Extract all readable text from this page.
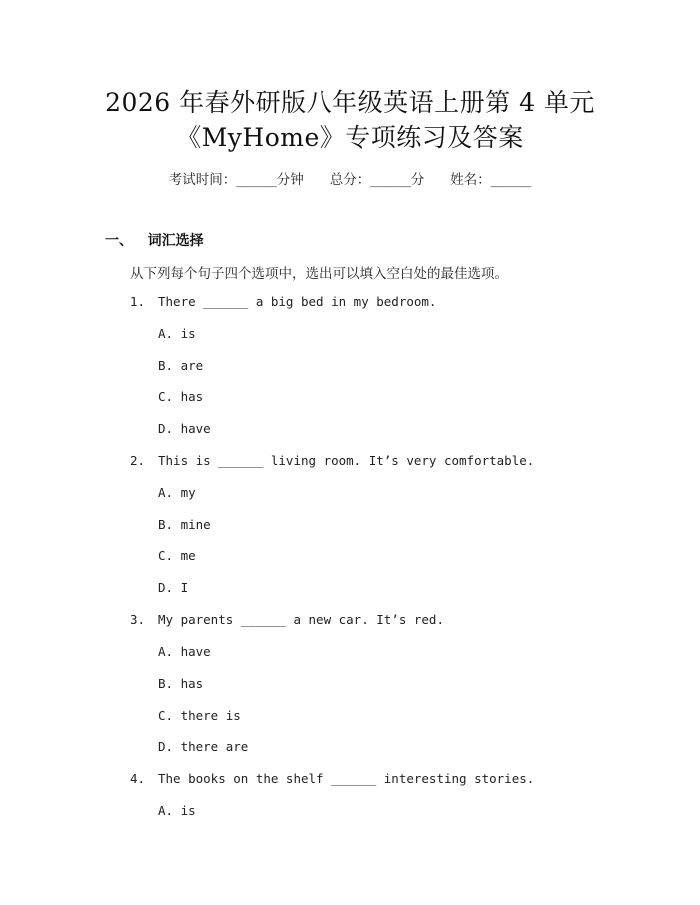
2026 年春外研版八年级英语上册第 4 单元
《MyHome》专项练习及答案
考试时间：______分钟 总分：______分 姓名：______
一、   词汇选择
从下列每个句子四个选项中，选出可以填入空白处的最佳选项。
1. There ______ a big bed in my bedroom.
A. is
B. are
C. has
D. have
2. This is ______ living room. It’s very comfortable.
A. my
B. mine
C. me
D. I
3. My parents ______ a new car. It’s red.
A. have
B. has
C. there is
D. there are
4. The books on the shelf ______ interesting stories.
A. is
